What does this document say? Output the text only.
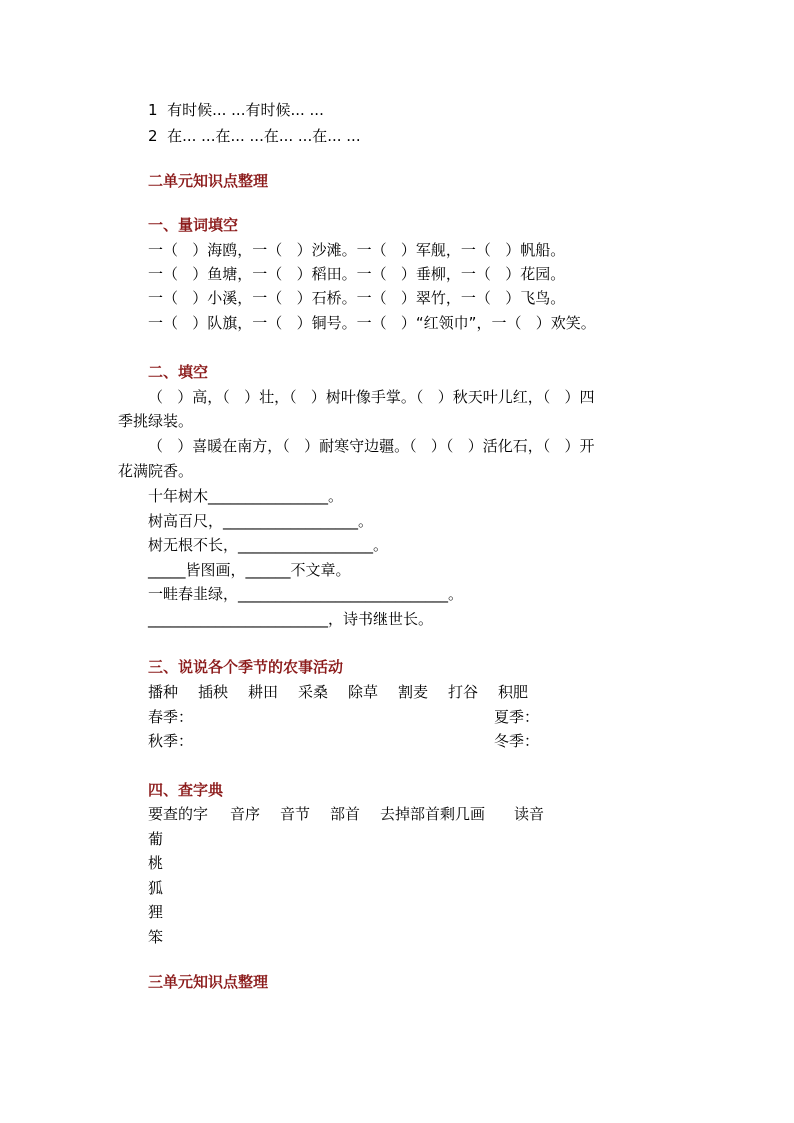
1  有时候... ...有时候... ...
2  在... ...在... ...在... ...在... ...
二单元知识点整理
一、量词填空
一（   ）海鸥，一（   ）沙滩。一（   ）军舰，一（   ）帆船。
一（   ）鱼塘，一（   ）稻田。一（   ）垂柳，一（   ）花园。
一（   ）小溪，一（   ）石桥。一（   ）翠竹，一（   ）飞鸟。
一（   ）队旗，一（   ）铜号。一（   ）“红领巾”，一（   ）欢笑。
二、填空
（   ）高，（   ）壮，（   ）树叶像手掌。（   ）秋天叶儿红，（   ）四
季挑绿装。
（   ）喜暖在南方，（   ）耐寒守边疆。（   ）（   ）活化石，（   ）开
花满院香。
十年树木________________。
树高百尺，__________________。
树无根不长，__________________。
_____皆图画，______不文章。
一畦春韭绿，____________________________。
________________________，诗书继世长。
三、说说各个季节的农事活动
播种	插秧	耕田	采桑	除草	割麦	打谷	积肥
春季：	夏季：
秋季：	冬季：
四、查字典
要查的字	音序	音节	部首	去掉部首剩几画	读音
葡
桃
狐
狸
笨
三单元知识点整理
